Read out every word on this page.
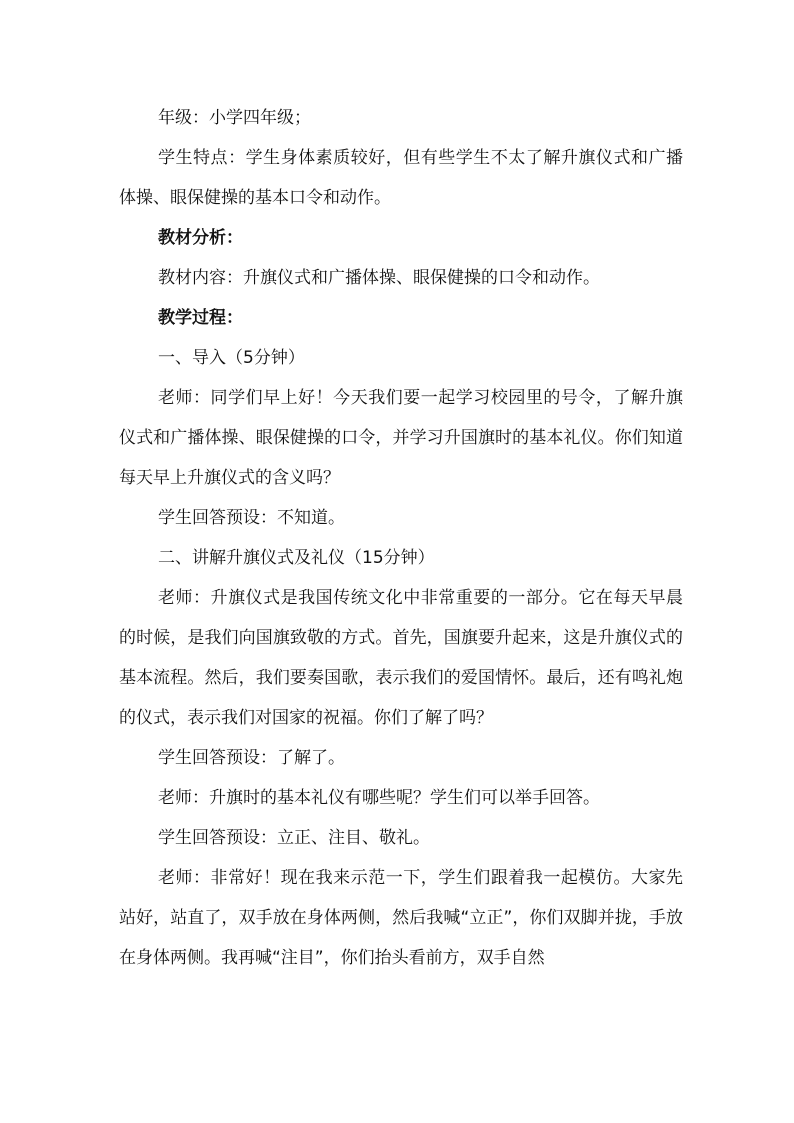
年级：小学四年级；

学生特点：学生身体素质较好，但有些学生不太了解升旗仪式和广播体操、眼保健操的基本口令和动作。

教材分析：

教材内容：升旗仪式和广播体操、眼保健操的口令和动作。

教学过程：

一、导入（5分钟）

老师：同学们早上好！今天我们要一起学习校园里的号令，了解升旗仪式和广播体操、眼保健操的口令，并学习升国旗时的基本礼仪。你们知道每天早上升旗仪式的含义吗？

学生回答预设：不知道。

二、讲解升旗仪式及礼仪（15分钟）

老师：升旗仪式是我国传统文化中非常重要的一部分。它在每天早晨的时候，是我们向国旗致敬的方式。首先，国旗要升起来，这是升旗仪式的基本流程。然后，我们要奏国歌，表示我们的爱国情怀。最后，还有鸣礼炮的仪式，表示我们对国家的祝福。你们了解了吗？

学生回答预设：了解了。

老师：升旗时的基本礼仪有哪些呢？学生们可以举手回答。

学生回答预设：立正、注目、敬礼。

老师：非常好！现在我来示范一下，学生们跟着我一起模仿。大家先站好，站直了，双手放在身体两侧，然后我喊“立正”，你们双脚并拢，手放在身体两侧。我再喊“注目”，你们抬头看前方，双手自然
